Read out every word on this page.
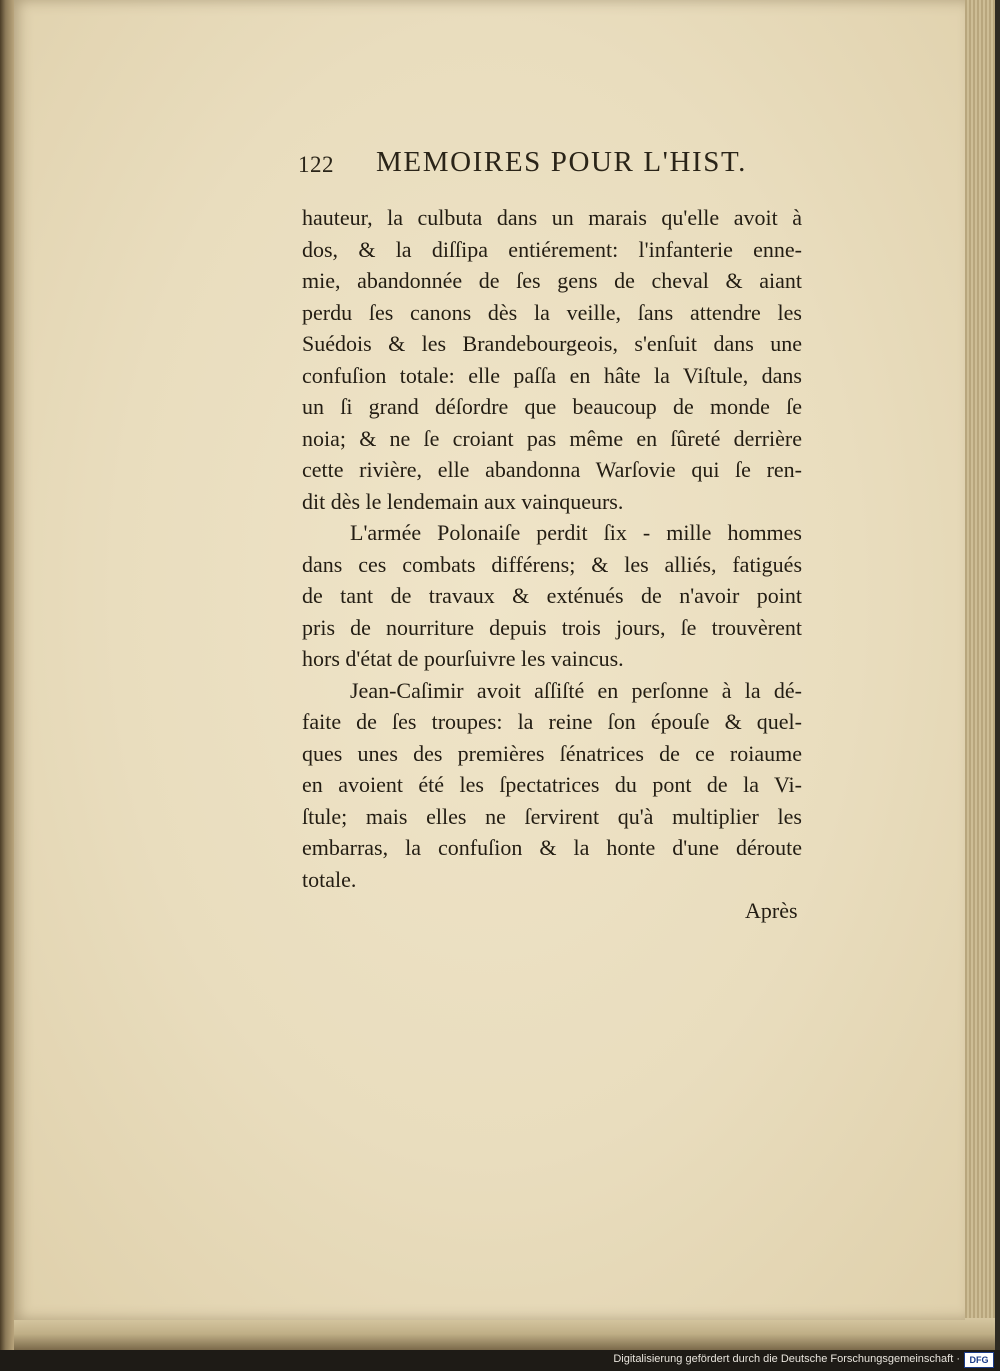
122 MEMOIRES POUR L'HIST.
hauteur, la culbuta dans un marais qu'elle avoit à
dos, & la diſſipa entiérement: l'infanterie enne-
mie, abandonnée de ſes gens de cheval & aiant
perdu ſes canons dès la veille, ſans attendre les
Suédois & les Brandebourgeois, s'enſuit dans une
confuſion totale: elle paſſa en hâte la Viſtule, dans
un ſi grand déſordre que beaucoup de monde ſe
noia; & ne ſe croiant pas même en ſûreté derrière
cette rivière, elle abandonna Warſovie qui ſe ren-
dit dès le lendemain aux vainqueurs.
L'armée Polonaiſe perdit ſix - mille hommes
dans ces combats différens; & les alliés, fatigués
de tant de travaux & exténués de n'avoir point
pris de nourriture depuis trois jours, ſe trouvèrent
hors d'état de pourſuivre les vaincus.
Jean-Caſimir avoit aſſiſté en perſonne à la dé-
faite de ſes troupes: la reine ſon épouſe & quel-
ques unes des premières ſénatrices de ce roiaume
en avoient été les ſpectatrices du pont de la Vi-
ſtule; mais elles ne ſervirent qu'à multiplier les
embarras, la confuſion & la honte d'une déroute
totale.
Après
Digitalisierung gefördert durch die Deutsche Forschungsgemeinschaft ·	DFG
